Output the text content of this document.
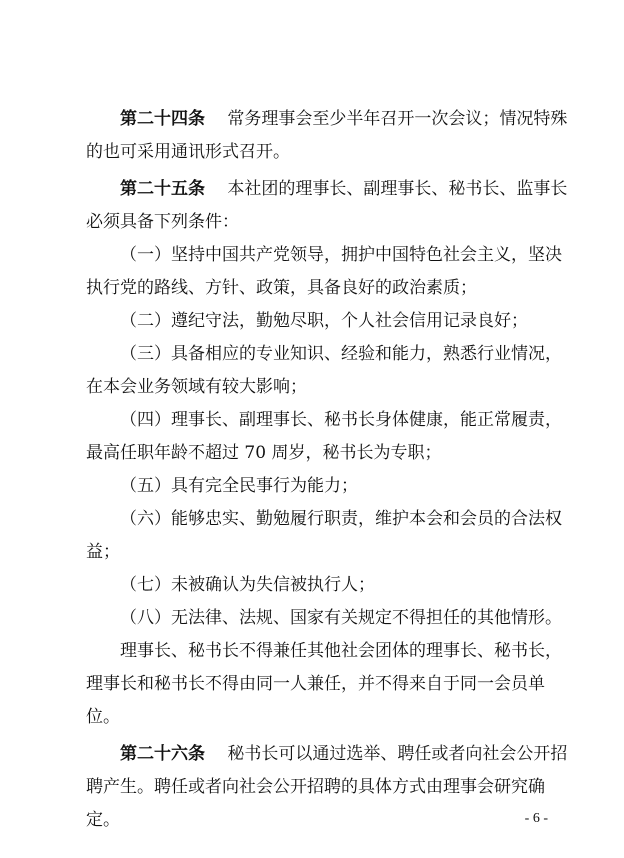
第二十四条 常务理事会至少半年召开一次会议；情况特殊
的也可采用通讯形式召开。
第二十五条 本社团的理事长、副理事长、秘书长、监事长
必须具备下列条件：
（一）坚持中国共产党领导，拥护中国特色社会主义，坚决
执行党的路线、方针、政策，具备良好的政治素质；
（二）遵纪守法，勤勉尽职，个人社会信用记录良好；
（三）具备相应的专业知识、经验和能力，熟悉行业情况，
在本会业务领域有较大影响；
（四）理事长、副理事长、秘书长身体健康，能正常履责，
最高任职年龄不超过 70 周岁，秘书长为专职；
（五）具有完全民事行为能力；
（六）能够忠实、勤勉履行职责，维护本会和会员的合法权
益；
（七）未被确认为失信被执行人；
（八）无法律、法规、国家有关规定不得担任的其他情形。
理事长、秘书长不得兼任其他社会团体的理事长、秘书长，
理事长和秘书长不得由同一人兼任，并不得来自于同一会员单
位。
第二十六条 秘书长可以通过选举、聘任或者向社会公开招
聘产生。聘任或者向社会公开招聘的具体方式由理事会研究确
定。	- 6 -
